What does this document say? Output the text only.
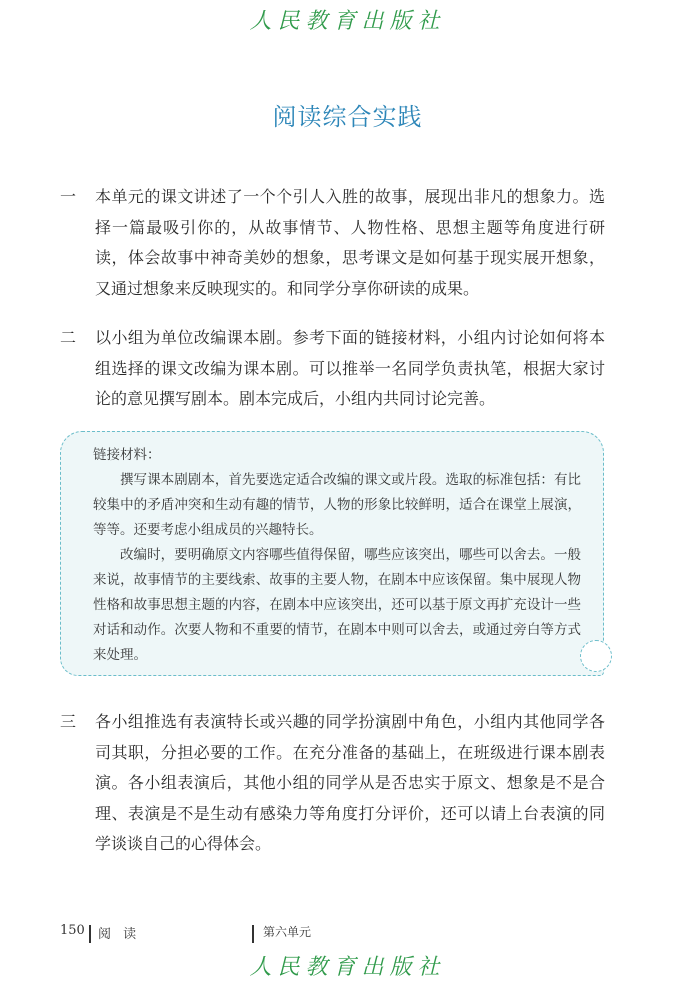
人民教育出版社
阅读综合实践
一	本单元的课文讲述了一个个引人入胜的故事，展现出非凡的想象力。选择一篇最吸引你的，从故事情节、人物性格、思想主题等角度进行研读，体会故事中神奇美妙的想象，思考课文是如何基于现实展开想象，又通过想象来反映现实的。和同学分享你研读的成果。
二	以小组为单位改编课本剧。参考下面的链接材料，小组内讨论如何将本组选择的课文改编为课本剧。可以推举一名同学负责执笔，根据大家讨论的意见撰写剧本。剧本完成后，小组内共同讨论完善。
链接材料：

撰写课本剧剧本，首先要选定适合改编的课文或片段。选取的标准包括：有比较集中的矛盾冲突和生动有趣的情节，人物的形象比较鲜明，适合在课堂上展演，等等。还要考虑小组成员的兴趣特长。

改编时，要明确原文内容哪些值得保留，哪些应该突出，哪些可以舍去。一般来说，故事情节的主要线索、故事的主要人物，在剧本中应该保留。集中展现人物性格和故事思想主题的内容，在剧本中应该突出，还可以基于原文再扩充设计一些对话和动作。次要人物和不重要的情节，在剧本中则可以舍去，或通过旁白等方式来处理。

三	各小组推选有表演特长或兴趣的同学扮演剧中角色，小组内其他同学各司其职，分担必要的工作。在充分准备的基础上，在班级进行课本剧表演。各小组表演后，其他小组的同学从是否忠实于原文、想象是不是合理、表演是不是生动有感染力等角度打分评价，还可以请上台表演的同学谈谈自己的心得体会。
150 阅 读	第六单元
人民教育出版社
